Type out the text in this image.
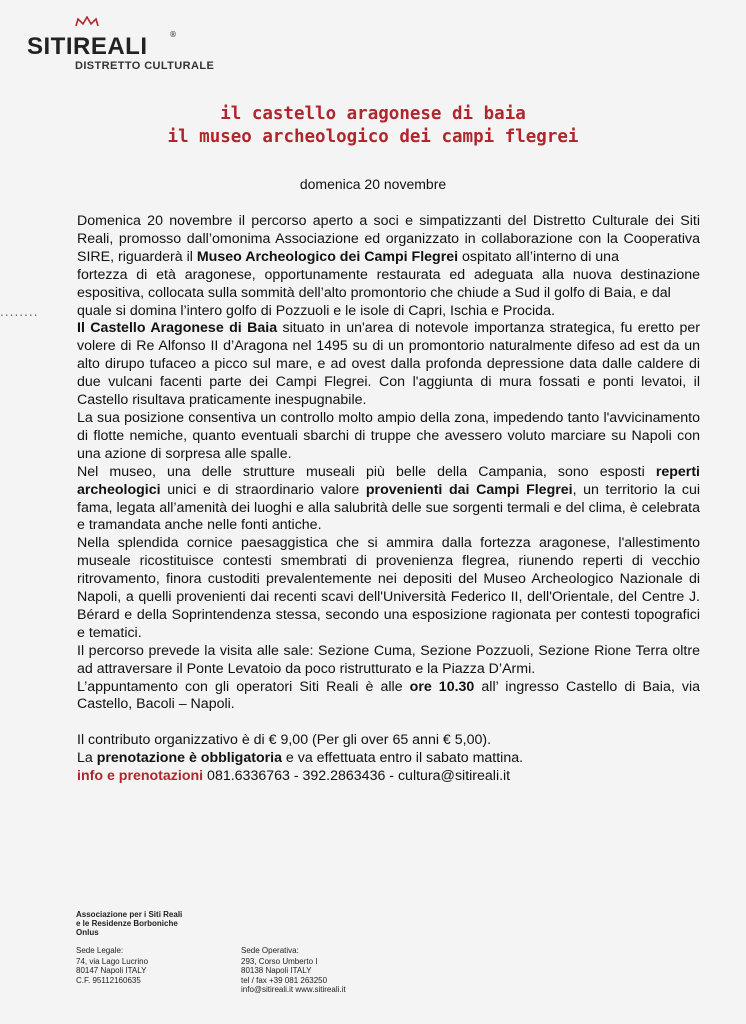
SITIREALI	®
DISTRETTO CULTURALE
il castello aragonese di baia
il museo archeologico dei campi flegrei
domenica 20 novembre
........

Domenica 20 novembre il percorso aperto a soci e simpatizzanti del Distretto Culturale dei Siti Reali, promosso dall’omonima Associazione ed organizzato in collaborazione con la Cooperativa SIRE, riguarderà il Museo Archeologico dei Campi Flegrei ospitato all’interno di una

fortezza di età aragonese, opportunamente restaurata ed adeguata alla nuova destinazione espositiva, collocata sulla sommità dell’alto promontorio che chiude a Sud il golfo di Baia, e dal

quale si domina l’intero golfo di Pozzuoli e le isole di Capri, Ischia e Procida.

Il Castello Aragonese di Baia situato in un'area di notevole importanza strategica, fu eretto per volere di Re Alfonso II d’Aragona nel 1495 su di un promontorio naturalmente difeso ad est da un alto dirupo tufaceo a picco sul mare, e ad ovest dalla profonda depressione data dalle caldere di due vulcani facenti parte dei Campi Flegrei. Con l'aggiunta di mura fossati e ponti levatoi, il Castello risultava praticamente inespugnabile.

La sua posizione consentiva un controllo molto ampio della zona, impedendo tanto l'avvicinamento di flotte nemiche, quanto eventuali sbarchi di truppe che avessero voluto marciare su Napoli con una azione di sorpresa alle spalle.

Nel museo, una delle strutture museali più belle della Campania, sono esposti reperti archeologici unici e di straordinario valore provenienti dai Campi Flegrei, un territorio la cui fama, legata all’amenità dei luoghi e alla salubrità delle sue sorgenti termali e del clima, è celebrata e tramandata anche nelle fonti antiche.

Nella splendida cornice paesaggistica che si ammira dalla fortezza aragonese, l'allestimento museale ricostituisce contesti smembrati di provenienza flegrea, riunendo reperti di vecchio ritrovamento, finora custoditi prevalentemente nei depositi del Museo Archeologico Nazionale di Napoli, a quelli provenienti dai recenti scavi dell'Università Federico II, dell'Orientale, del Centre J. Bérard e della Soprintendenza stessa, secondo una esposizione ragionata per contesti topografici e tematici.

Il percorso prevede la visita alle sale: Sezione Cuma, Sezione Pozzuoli, Sezione Rione Terra oltre ad attraversare il Ponte Levatoio da poco ristrutturato e la Piazza D’Armi.

L’appuntamento con gli operatori Siti Reali è alle ore 10.30 all’ ingresso Castello di Baia, via Castello, Bacoli – Napoli.

Il contributo organizzativo è di € 9,00 (Per gli over 65 anni € 5,00).

La prenotazione è obbligatoria e va effettuata entro il sabato mattina.

info e prenotazioni 081.6336763 - 392.2863436 - cultura@sitireali.it

Associazione per i Siti Reali
e le Residenze Borboniche
Onlus
Sede Legale:
74, via Lago Lucrino
80147 Napoli ITALY
C.F. 95112160635
Sede Operativa:
293, Corso Umberto I
80138 Napoli ITALY
tel / fax +39 081 263250
info@sitireali.it www.sitireali.it
